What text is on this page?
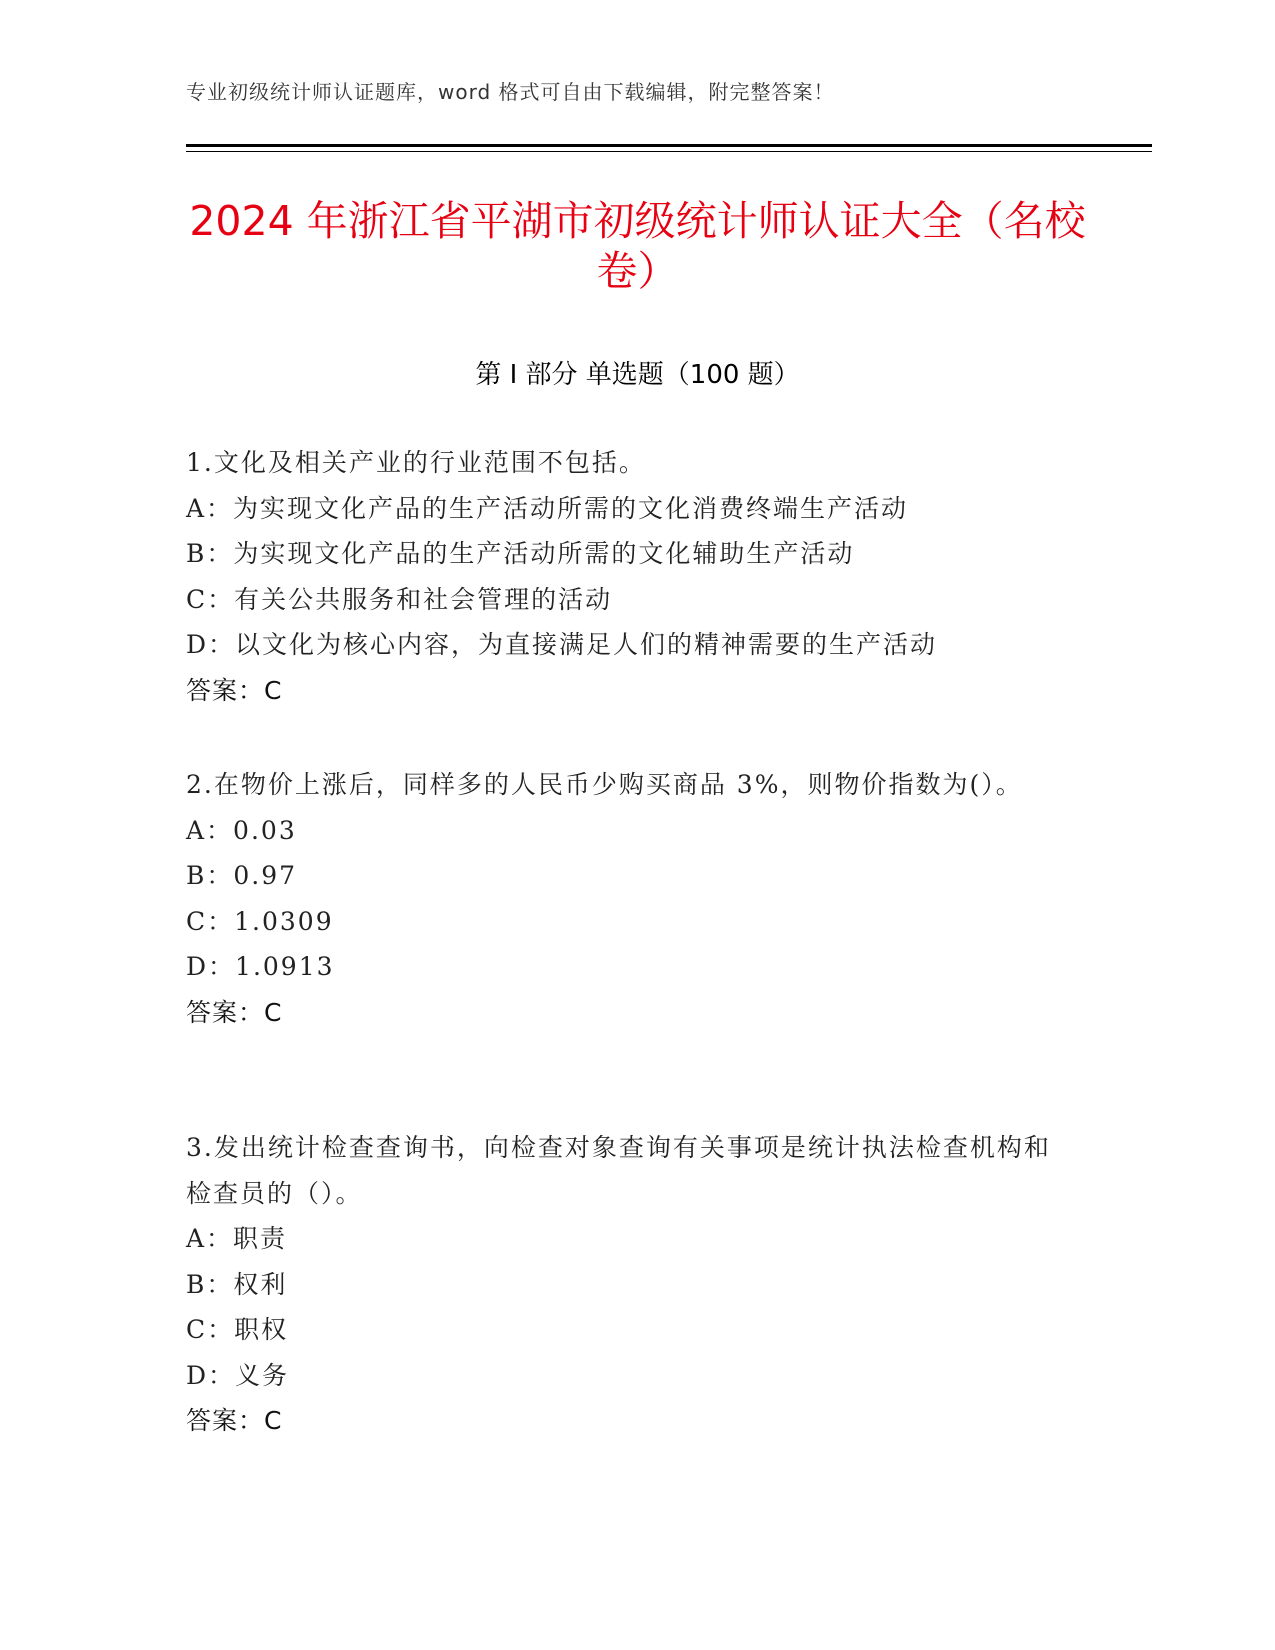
专业初级统计师认证题库，word 格式可自由下载编辑，附完整答案！
2024 年浙江省平湖市初级统计师认证大全（名校卷）
第 I 部分 单选题（100 题）
1.文化及相关产业的行业范围不包括。
A：为实现文化产品的生产活动所需的文化消费终端生产活动
B：为实现文化产品的生产活动所需的文化辅助生产活动
C：有关公共服务和社会管理的活动
D：以文化为核心内容，为直接满足人们的精神需要的生产活动
答案：C
2.在物价上涨后，同样多的人民币少购买商品 3%，则物价指数为(）。
A：0.03
B：0.97
C：1.0309
D：1.0913
答案：C
3.发出统计检查查询书，向检查对象查询有关事项是统计执法检查机构和检查员的（）。
A：职责
B：权利
C：职权
D：义务
答案：C
